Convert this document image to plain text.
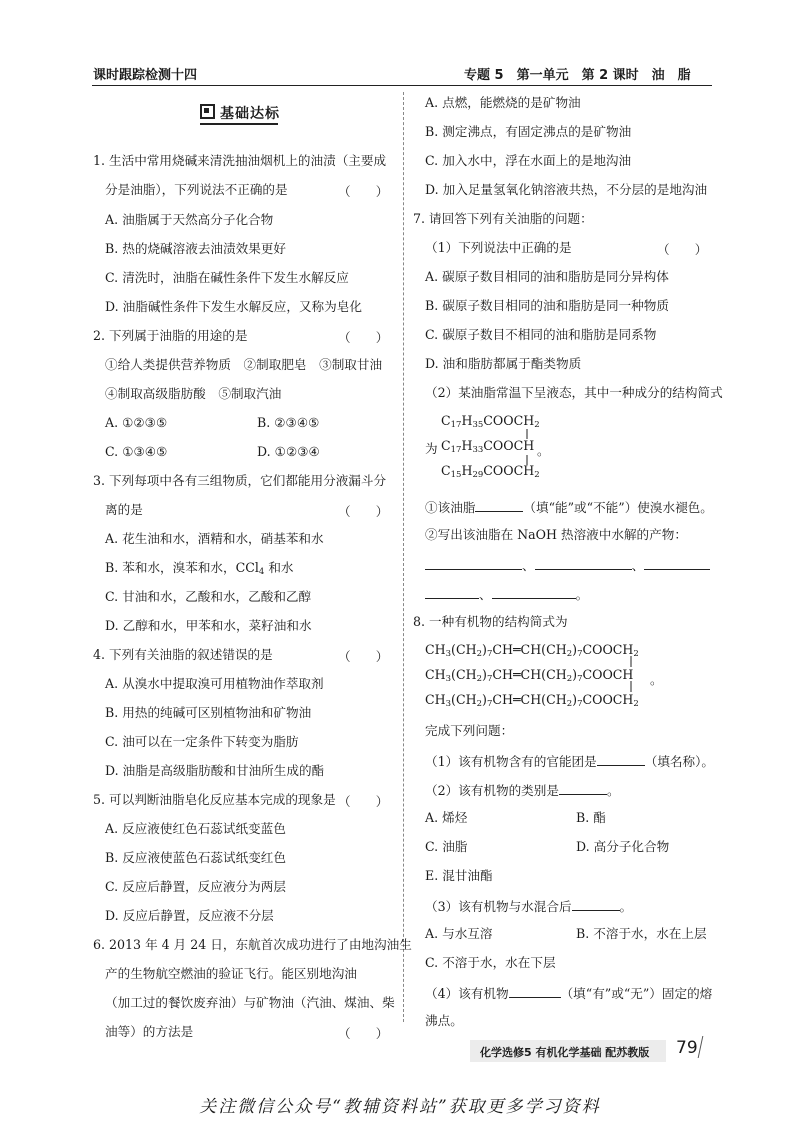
课时跟踪检测十四	专题 5　第一单元　第 2 课时　油　脂
基础达标
1. 生活中常用烧碱来清洗抽油烟机上的油渍（主要成
分是油脂），下列说法不正确的是	（　　）
A. 油脂属于天然高分子化合物
B. 热的烧碱溶液去油渍效果更好
C. 清洗时，油脂在碱性条件下发生水解反应
D. 油脂碱性条件下发生水解反应，又称为皂化
2. 下列属于油脂的用途的是	（　　）
①给人类提供营养物质　②制取肥皂　③制取甘油
④制取高级脂肪酸　⑤制取汽油
A. ①②③⑤	B. ②③④⑤
C. ①③④⑤	D. ①②③④
3. 下列每项中各有三组物质，它们都能用分液漏斗分
离的是	（　　）
A. 花生油和水，酒精和水，硝基苯和水
B. 苯和水，溴苯和水，CCl$_4$ 和水
C. 甘油和水，乙酸和水，乙酸和乙醇
D. 乙醇和水，甲苯和水，菜籽油和水
4. 下列有关油脂的叙述错误的是	（　　）
A. 从溴水中提取溴可用植物油作萃取剂
B. 用热的纯碱可区别植物油和矿物油
C. 油可以在一定条件下转变为脂肪
D. 油脂是高级脂肪酸和甘油所生成的酯
5. 可以判断油脂皂化反应基本完成的现象是 （　　）
A. 反应液使红色石蕊试纸变蓝色
B. 反应液使蓝色石蕊试纸变红色
C. 反应后静置，反应液分为两层
D. 反应后静置，反应液不分层
6. 2013 年 4 月 24 日，东航首次成功进行了由地沟油生
产的生物航空燃油的验证飞行。能区别地沟油
（加工过的餐饮废弃油）与矿物油（汽油、煤油、柴
油等）的方法是	（　　）
A. 点燃，能燃烧的是矿物油
B. 测定沸点，有固定沸点的是矿物油
C. 加入水中，浮在水面上的是地沟油
D. 加入足量氢氧化钠溶液共热，不分层的是地沟油
7. 请回答下列有关油脂的问题：
（1）下列说法中正确的是	（　　）
A. 碳原子数目相同的油和脂肪是同分异构体
B. 碳原子数目相同的油和脂肪是同一种物质
C. 碳原子数目不相同的油和脂肪是同系物
D. 油和脂肪都属于酯类物质
（2）某油脂常温下呈液态，其中一种成分的结构简式
$C_{17}H_{35}COOCH_2$
为 $C_{17}H_{33}COOCH$ 。
$C_{15}H_{29}COOCH_2$
①该油脂	（填“能”或“不能”）使溴水褪色。
②写出该油脂在 NaOH 热溶液中水解的产物：
、	、
、	。
8. 一种有机物的结构简式为
$CH_3(CH_2)_7CH═CH(CH_2)_7COOCH_2$
$CH_3(CH_2)_7CH═CH(CH_2)_7COOCH$ 。
$CH_3(CH_2)_7CH═CH(CH_2)_7COOCH_2$
完成下列问题：
（1）该有机物含有的官能团是	（填名称）。
（2）该有机物的类别是	。
A. 烯烃	B. 酯
C. 油脂	D. 高分子化合物
E. 混甘油酯
（3）该有机物与水混合后	。
A. 与水互溶	B. 不溶于水，水在上层
C. 不溶于水，水在下层
（4）该有机物	（填“有”或“无”）固定的熔
沸点。
化学选修5 有机化学基础 配苏教版 79
关注微信公众号“教辅资料站”获取更多学习资料
